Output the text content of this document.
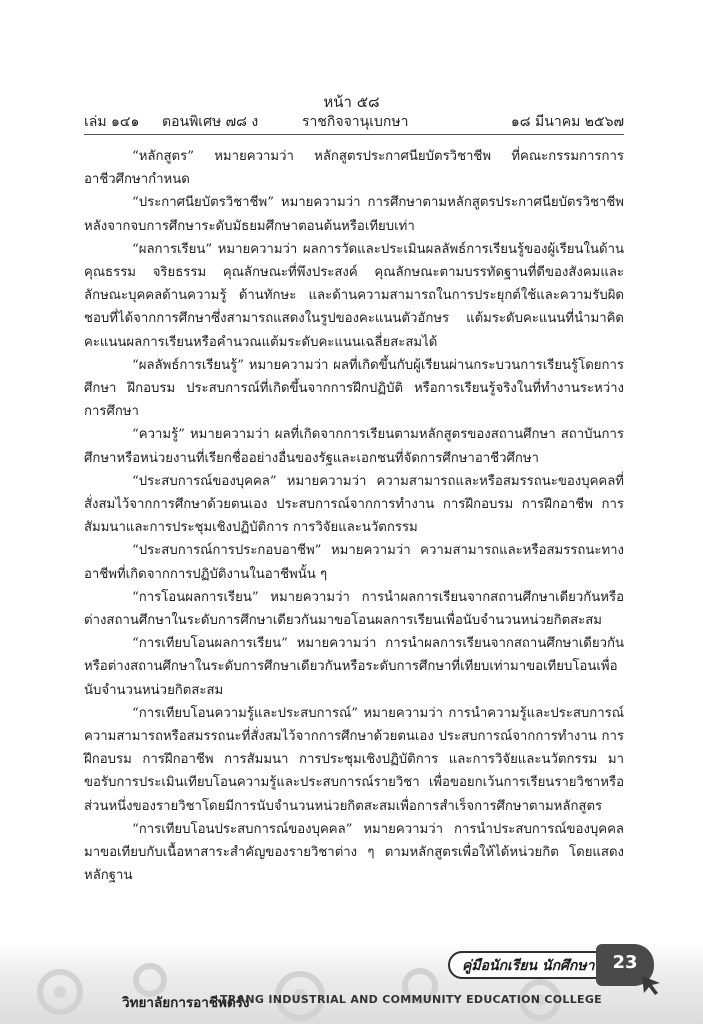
หน้า ๕๘
เล่ม ๑๔๑ ตอนพิเศษ ๗๘ ง	ราชกิจจานุเบกษา	๑๘ มีนาคม ๒๕๖๗

“หลักสูตร” หมายความว่า หลักสูตรประกาศนียบัตรวิชาชีพ ที่คณะกรรมการการอาชีวศึกษากำหนด

“ประกาศนียบัตรวิชาชีพ” หมายความว่า การศึกษาตามหลักสูตรประกาศนียบัตรวิชาชีพหลังจากจบการศึกษาระดับมัธยมศึกษาตอนต้นหรือเทียบเท่า

“ผลการเรียน” หมายความว่า ผลการวัดและประเมินผลลัพธ์การเรียนรู้ของผู้เรียนในด้านคุณธรรม จริยธรรม คุณลักษณะที่พึงประสงค์ คุณลักษณะตามบรรทัดฐานที่ดีของสังคมและลักษณะบุคคลด้านความรู้ ด้านทักษะ และด้านความสามารถในการประยุกต์ใช้และความรับผิดชอบที่ได้จากการศึกษาซึ่งสามารถแสดงในรูปของคะแนนตัวอักษร แต้มระดับคะแนนที่นำมาคิดคะแนนผลการเรียนหรือคำนวณแต้มระดับคะแนนเฉลี่ยสะสมได้

“ผลลัพธ์การเรียนรู้” หมายความว่า ผลที่เกิดขึ้นกับผู้เรียนผ่านกระบวนการเรียนรู้โดยการศึกษา ฝึกอบรม ประสบการณ์ที่เกิดขึ้นจากการฝึกปฏิบัติ หรือการเรียนรู้จริงในที่ทำงานระหว่างการศึกษา

“ความรู้” หมายความว่า ผลที่เกิดจากการเรียนตามหลักสูตรของสถานศึกษา สถาบันการศึกษาหรือหน่วยงานที่เรียกชื่ออย่างอื่นของรัฐและเอกชนที่จัดการศึกษาอาชีวศึกษา

“ประสบการณ์ของบุคคล” หมายความว่า ความสามารถและหรือสมรรถนะของบุคคลที่สั่งสมไว้จากการศึกษาด้วยตนเอง ประสบการณ์จากการทำงาน การฝึกอบรม การฝึกอาชีพ การสัมมนาและการประชุมเชิงปฏิบัติการ การวิจัยและนวัตกรรม

“ประสบการณ์การประกอบอาชีพ” หมายความว่า ความสามารถและหรือสมรรถนะทางอาชีพที่เกิดจากการปฏิบัติงานในอาชีพนั้น ๆ

“การโอนผลการเรียน” หมายความว่า การนำผลการเรียนจากสถานศึกษาเดียวกันหรือต่างสถานศึกษาในระดับการศึกษาเดียวกันมาขอโอนผลการเรียนเพื่อนับจำนวนหน่วยกิตสะสม

“การเทียบโอนผลการเรียน” หมายความว่า การนำผลการเรียนจากสถานศึกษาเดียวกันหรือต่างสถานศึกษาในระดับการศึกษาเดียวกันหรือระดับการศึกษาที่เทียบเท่ามาขอเทียบโอนเพื่อนับจำนวนหน่วยกิตสะสม

“การเทียบโอนความรู้และประสบการณ์” หมายความว่า การนำความรู้และประสบการณ์ความสามารถหรือสมรรถนะที่สั่งสมไว้จากการศึกษาด้วยตนเอง ประสบการณ์จากการทำงาน การฝึกอบรม การฝึกอาชีพ การสัมมนา การประชุมเชิงปฏิบัติการ และการวิจัยและนวัตกรรม มาขอรับการประเมินเทียบโอนความรู้และประสบการณ์รายวิชา เพื่อขอยกเว้นการเรียนรายวิชาหรือส่วนหนึ่งของรายวิชาโดยมีการนับจำนวนหน่วยกิตสะสมเพื่อการสำเร็จการศึกษาตามหลักสูตร

“การเทียบโอนประสบการณ์ของบุคคล” หมายความว่า การนำประสบการณ์ของบุคคลมาขอเทียบกับเนื้อหาสาระสำคัญของรายวิชาต่าง ๆ ตามหลักสูตรเพื่อให้ได้หน่วยกิต โดยแสดงหลักฐาน

คู่มือนักเรียน นักศึกษา 23
วิทยาลัยการอาชีพตรัง
TRANG INDUSTRIAL AND COMMUNITY EDUCATION COLLEGE
